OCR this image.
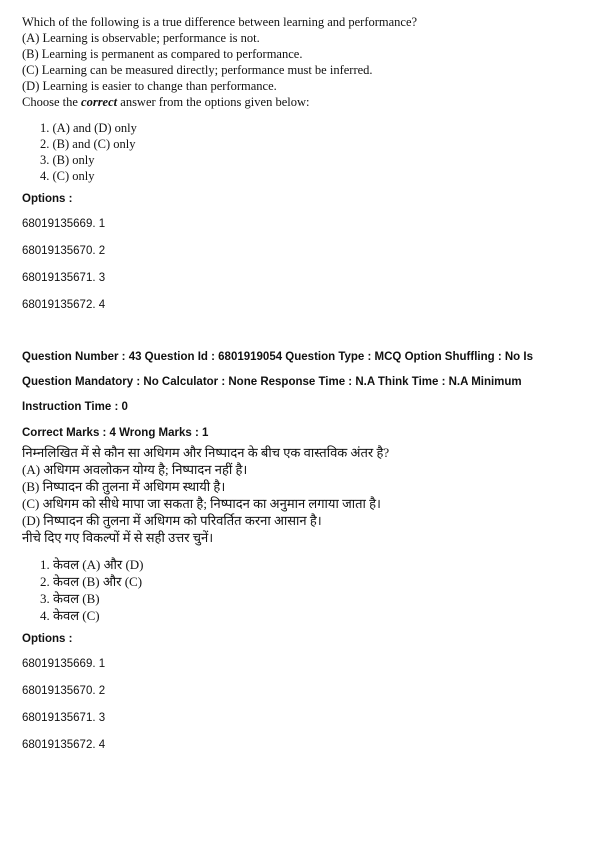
Which of the following is a true difference between learning and performance?
(A) Learning is observable; performance is not.
(B) Learning is permanent as compared to performance.
(C) Learning can be measured directly; performance must be inferred.
(D) Learning is easier to change than performance.
Choose the correct answer from the options given below:
1. (A) and (D) only
2. (B) and (C) only
3. (B) only
4. (C) only
Options :
68019135669. 1
68019135670. 2
68019135671. 3
68019135672. 4
Question Number : 43 Question Id : 6801919054 Question Type : MCQ Option Shuffling : No Is
Question Mandatory : No Calculator : None Response Time : N.A Think Time : N.A Minimum
Instruction Time : 0
Correct Marks : 4 Wrong Marks : 1
निम्नलिखित में से कौन सा अधिगम और निष्पादन के बीच एक वास्तविक अंतर है?
(A) अधिगम अवलोकन योग्य है; निष्पादन नहीं है।
(B) निष्पादन की तुलना में अधिगम स्थायी है।
(C) अधिगम को सीधे मापा जा सकता है; निष्पादन का अनुमान लगाया जाता है।
(D) निष्पादन की तुलना में अधिगम को परिवर्तित करना आसान है।
नीचे दिए गए विकल्पों में से सही उत्तर चुनें।
1. केवल (A) और (D)
2. केवल (B) और (C)
3. केवल (B)
4. केवल (C)
Options :
68019135669. 1
68019135670. 2
68019135671. 3
68019135672. 4
